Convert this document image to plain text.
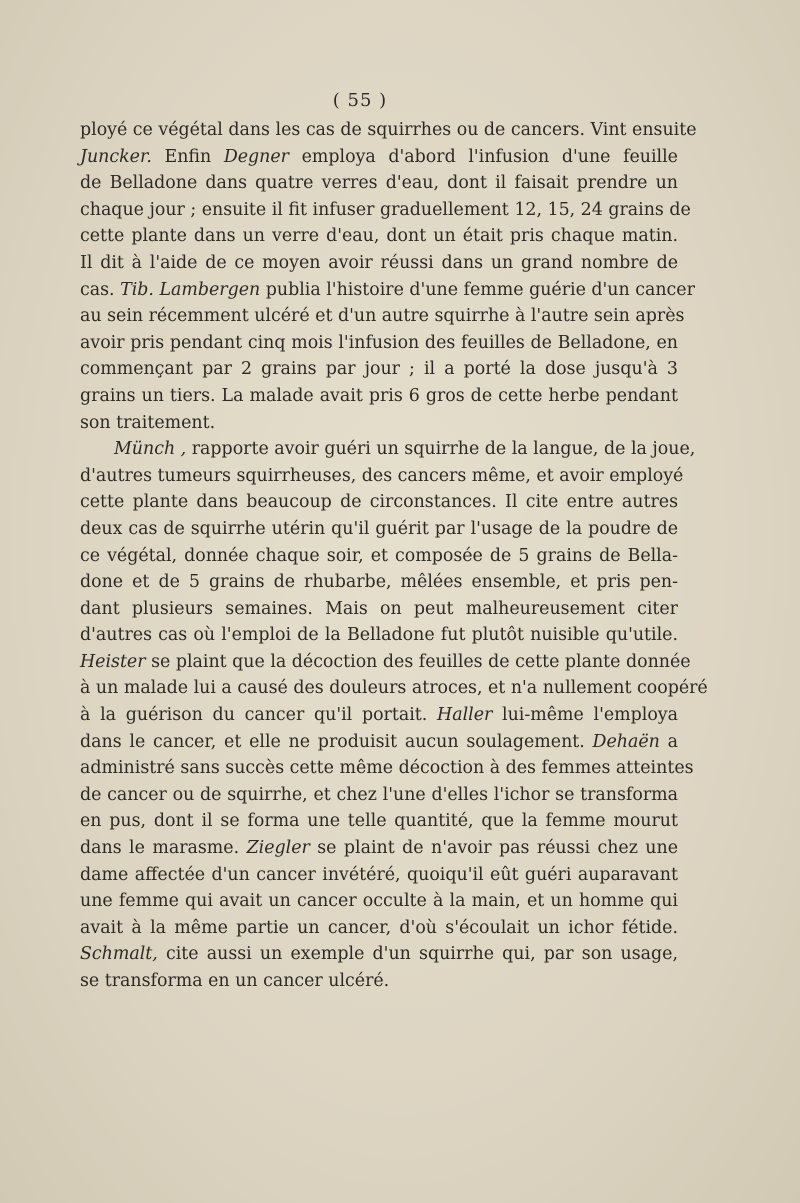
( 55 )
ployé ce végétal dans les cas de squirrhes ou de cancers. Vint ensuite
Juncker. Enfin Degner employa d'abord l'infusion d'une feuille
de Belladone dans quatre verres d'eau, dont il faisait prendre un
chaque jour ; ensuite il fit infuser graduellement 12, 15, 24 grains de
cette plante dans un verre d'eau, dont un était pris chaque matin.
Il dit à l'aide de ce moyen avoir réussi dans un grand nombre de
cas. Tib. Lambergen publia l'histoire d'une femme guérie d'un cancer
au sein récemment ulcéré et d'un autre squirrhe à l'autre sein après
avoir pris pendant cinq mois l'infusion des feuilles de Belladone, en
commençant par 2 grains par jour ; il a porté la dose jusqu'à 3
grains un tiers. La malade avait pris 6 gros de cette herbe pendant
son traitement.
Münch , rapporte avoir guéri un squirrhe de la langue, de la joue,
d'autres tumeurs squirrheuses, des cancers même, et avoir employé
cette plante dans beaucoup de circonstances. Il cite entre autres
deux cas de squirrhe utérin qu'il guérit par l'usage de la poudre de
ce végétal, donnée chaque soir, et composée de 5 grains de Bella-
done et de 5 grains de rhubarbe, mêlées ensemble, et pris pen-
dant plusieurs semaines. Mais on peut malheureusement citer
d'autres cas où l'emploi de la Belladone fut plutôt nuisible qu'utile.
Heister se plaint que la décoction des feuilles de cette plante donnée
à un malade lui a causé des douleurs atroces, et n'a nullement coopéré
à la guérison du cancer qu'il portait. Haller lui-même l'employa
dans le cancer, et elle ne produisit aucun soulagement. Dehaën a
administré sans succès cette même décoction à des femmes atteintes
de cancer ou de squirrhe, et chez l'une d'elles l'ichor se transforma
en pus, dont il se forma une telle quantité, que la femme mourut
dans le marasme. Ziegler se plaint de n'avoir pas réussi chez une
dame affectée d'un cancer invétéré, quoiqu'il eût guéri auparavant
une femme qui avait un cancer occulte à la main, et un homme qui
avait à la même partie un cancer, d'où s'écoulait un ichor fétide.
Schmalt, cite aussi un exemple d'un squirrhe qui, par son usage,
se transforma en un cancer ulcéré.
